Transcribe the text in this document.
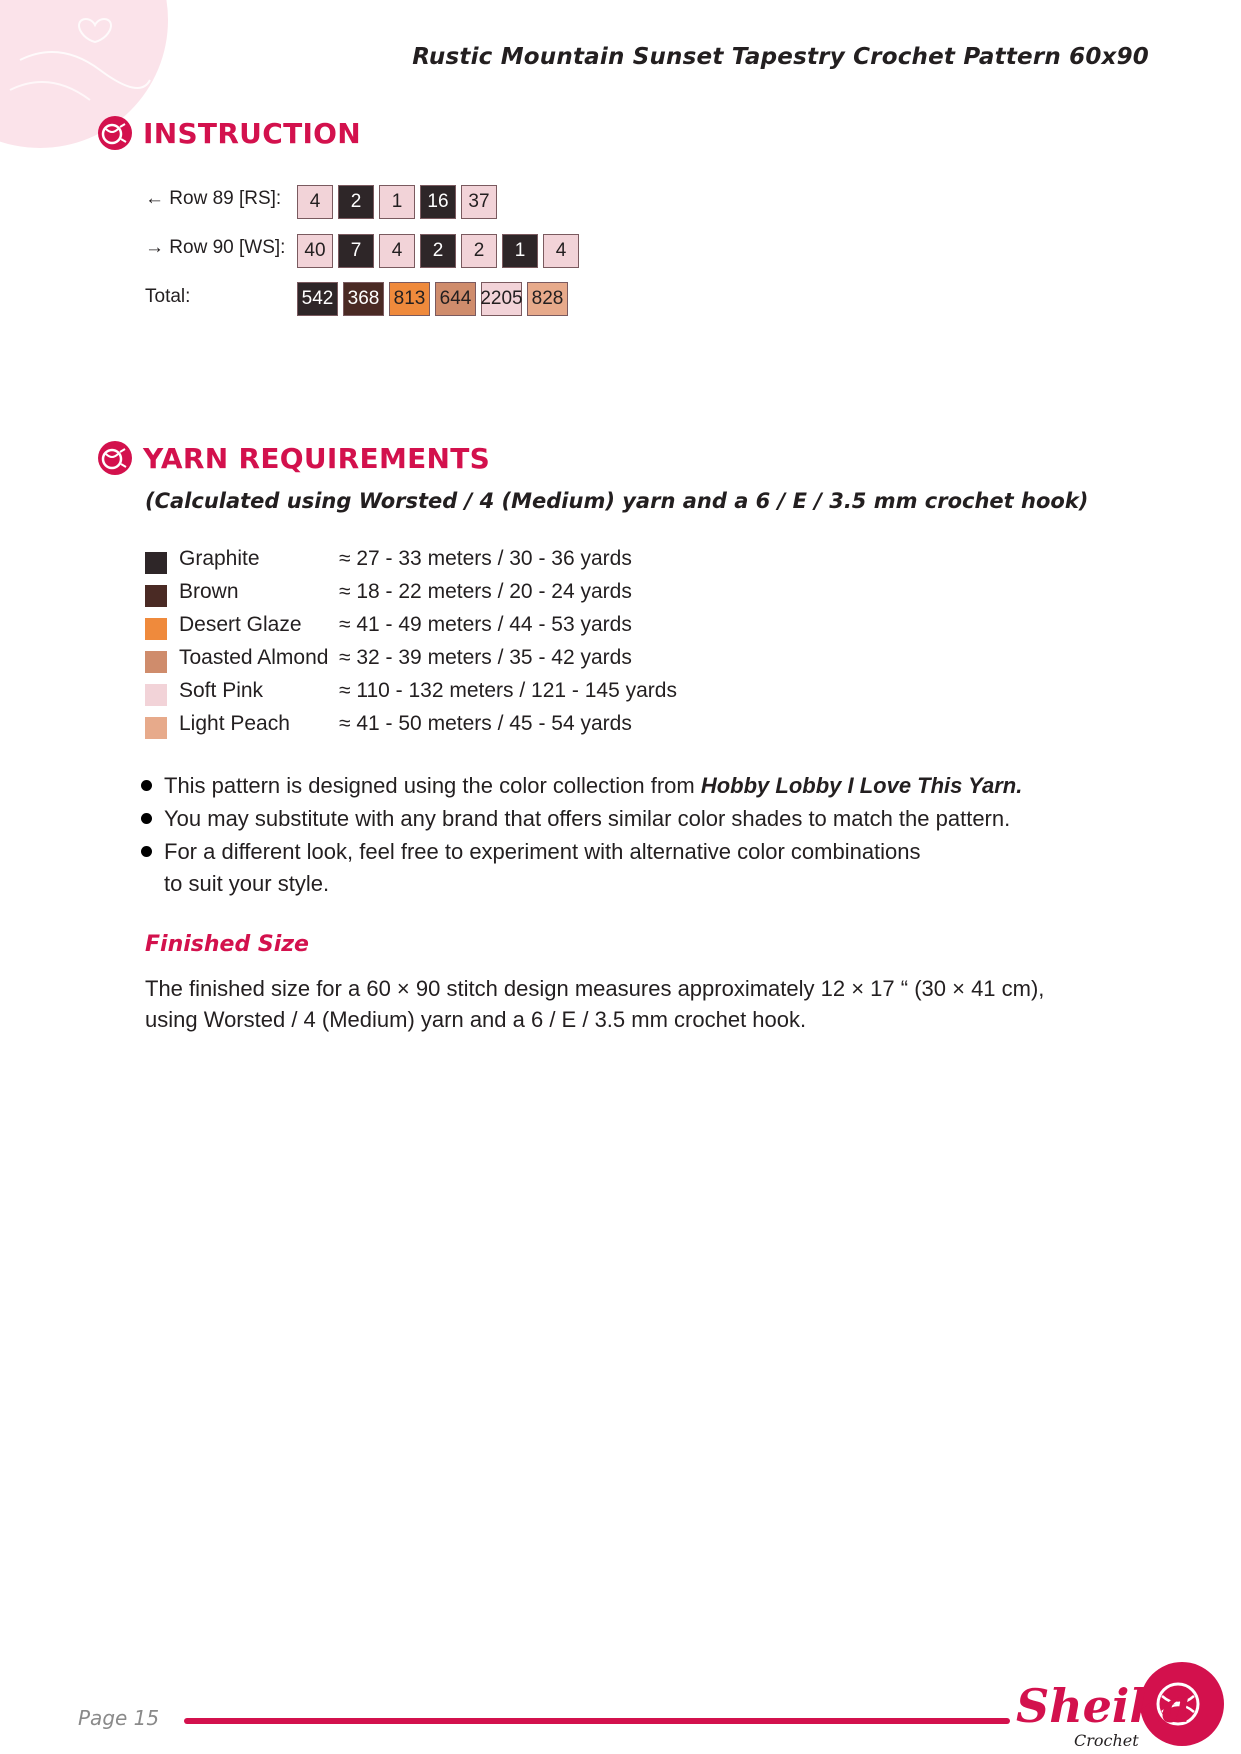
Rustic Mountain Sunset Tapestry Crochet Pattern 60x90
INSTRUCTION
← Row 89 [RS]:	4	2	1	16	37
→ Row 90 [WS]:	40	7	4	2	2	1	4
Total:	542 368 813 644 2205 828
YARN REQUIREMENTS
(Calculated using Worsted / 4 (Medium) yarn and a 6 / E / 3.5 mm crochet hook)
Graphite	≈ 27 - 33 meters / 30 - 36 yards
Brown	≈ 18 - 22 meters / 20 - 24 yards
Desert Glaze ≈ 41 - 49 meters / 44 - 53 yards
Toasted Almond ≈ 32 - 39 meters / 35 - 42 yards
Soft Pink	≈ 110 - 132 meters / 121 - 145 yards
Light Peach ≈ 41 - 50 meters / 45 - 54 yards
This pattern is designed using the color collection from Hobby Lobby I Love This Yarn.
You may substitute with any brand that offers similar color shades to match the pattern.
For a different look, feel free to experiment with alternative color combinations
to suit your style.
Finished Size
The finished size for a 60 × 90 stitch design measures approximately 12 × 17 “ (30 × 41 cm),
using Worsted / 4 (Medium) yarn and a 6 / E / 3.5 mm crochet hook.
Page 15	Sheika
Crochet
